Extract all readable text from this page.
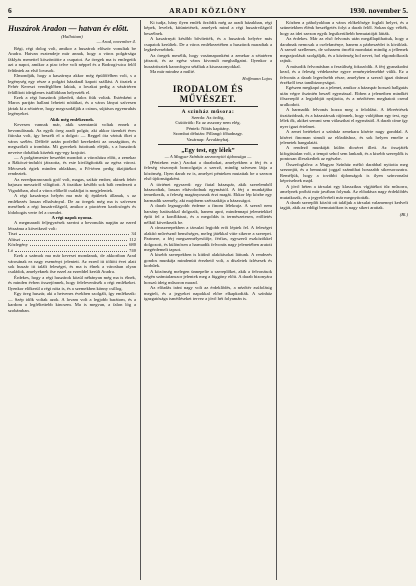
6	ARADI KÖZLÖNY	1930. november 5.
Huszárok Aradon — hatvan év előtt.

(Hallottam)

— Arad, november 4.

Régi, régi dolog volt, amikor a huszárok először vonultak be Aradra. Hatvan esztendeje már annak, hogy a város polgársága fáklyás menettel köszöntötte a csapatot. Az öregek ma is emlegetik azt a napot, amikor a piac telve volt néppel és a Bodrogi-utca felől feltűntek az első lovasok.

Elmondják, hogy a kaszárnya akkor még épülőfélben volt, s a legénység egy része a polgári házaknál kapott szállást. A tisztek a Fehér Kereszt vendéglőben laktak, a lovakat pedig a vásártéren felállított ideiglenes istállókban helyezték el.

Ezek a régi huszárok jókedvű, dalos fiúk voltak. Esténként a Maros partján hallani lehetett nótáikat, és a város lányai szívesen jártak ki a sétatérre, hogy megcsodálják a csinos, sújtásos egyenruhás legényeket.

Akik még emlékeznek.

Kevesen vannak már, akik szemtanúi voltak ennek a bevonulásnak. Az egyik öreg aradi polgár, aki akkor tizenkét éves fiúcska volt, így beszéli el a dolgot: — Reggel óta vártuk őket a város szélén. Délfelé aztán porfelhő kerekedett az országúton, és megszólalt a trombita. Mi gyerekek futottunk eléjük, s a huszárok nevetve dobáltak közénk egy-egy krajcárt.

— A polgármester beszédet mondott a városháza előtt, a zenekar a Rákóczi-indulót játszotta, és este kivilágították az egész várost. Mécsesek égtek minden ablakban, a Fő-téren pedig tűzijátékot rendeztek.

Az ezredparancsnok gróf volt, magas, szikár ember, akinek fehér bajusza messziről világított. A tisztikar később sok bált rendezett a Vigadóban, ahol a város előkelő családjai is megjelentek.

A régi kaszárnya helyén ma már új épületek állanak, s az emlékezés lassan elhalványul. De az öregek még ma is szívesen mesélnek a régi huszárvilágról, amikor a piactéren kardcsörgés és lódobogás verte fel a csendet.

A régi napok nyoma.

A megmaradt feljegyzések szerint a bevonulás napján az ezred létszáma a következő volt:

Tiszt	34
Altiszt	112
Közlegény	680
Ló	740

Ezek a számok ma már keveset mondanak, de akkoriban Arad városának ez nagy eseményt jelentett. Az ezred itt töltött évei alatt sok huszár itt talált feleséget, és ma is élnek a városban olyan családok, amelyeknek őse ezzel az ezreddel került Aradra.

Érdekes, hogy a régi huszárok közül néhányan még ma is élnek, és minden évben összejönnek, hogy felelevenítsék a régi emlékeket. Ilyenkor előkerül a régi nóta is, és a szemekben könny csillog.

Egy öreg huszár, aki a hetvenes években szolgált, így emlékezik: — Szép idők voltak azok. A lovam volt a legjobb barátom, és a kardom a legféltettebb kincsem. Ma is megvan, a falon lóg a szobámban.

Ki tudja, hány ilyen emlék őrződik még az aradi házakban, régi képek, levelek, kitüntetések, amelyek mind a régi huszárvilágról beszélnek.

A kaszárnyát később bővítették, és a huszárok helyére más csapatok kerültek. De a város emlékezetében a huszárok maradtak a legkedvesebbek.

Az öregek mesélik, hogy vasárnaponként a zenekar a sétatéren játszott, és az egész város kivonult meghallgatni. Ilyenkor a huszártisztek karonfogva sétáltak a kisasszonyokkal.

Ma már mindez a múlté.

Hoffmann Lajos

IRODALOM ÉS MŰVÉSZET.
A szinház műsora:

Szerda: Az ördög.

Csütörtök: Ez az asszony nem elég.

Péntek: Nótás kapitány.

Szombat délután: Pillangó főhadnagy.

Vasárnap: Árvalányhaj.

„Egy test, egy lélek”

— A Magyar Színház szezonnyitó újdonsága —

(Pénteken este.) Azokat a darabokat, amelyekben a férj és a feleség viszonyát boncolgatja a szerző, mindig szívesen látja a közönség. Ilyen darab ez is, amelyet pénteken mutattak be a szezon első újdonságaként.

A történet egyszerű: egy fiatal házaspár, akik szerelemből házasodtak, lassan eltávolodnak egymástól. A férj a munkájába temetkezik, a feleség magányosnak érzi magát. Ekkor lép közbe egy harmadik személy, aki majdnem szétszakítja a házasságot.

A darab legnagyobb érdeme a finom lélekrajz. A szerző nem harsány hatásokkal dolgozik, hanem apró, mindennapi jelenetekkel építi fel a konfliktust, és a megoldás is természetesen, erőltetés nélkül következik be.

A címszerepekben a társulat legjobb erői léptek fel. A feleséget alakító művésznő bensőséges, meleg játékkal vitte sikerre a szerepet. Partnere, a férj megszemélyesítője, férfias, egyszerű eszközökkel dolgozott, és különösen a harmadik felvonás nagy jelenetében aratott megérdemelt tapsot.

A kisebb szerepekben is kitűnő alakításokat láttunk. A rendezés gondos munkája mindenütt érezhető volt, a díszletek ízlésesek és korhűek.

A közönség melegen ünnepelte a szereplőket, akik a felvonások végén számtalanszor jelentek meg a függöny előtt. A darab bizonyára hosszú ideig műsoron marad.

Az előadás iránt nagy volt az érdeklődés, a nézőtér zsúfolásig megtelt, és a jegyeket napokkal előre elkapkodták. A színház igazgatósága ismétléseket tervez a jövő hét folyamán is.

Közben a páholyokban a város előkelősége foglalt helyet, és a szünetekben élénk beszélgetés folyt a darab felől. Sokan úgy vélték, hogy az idei szezon egyik legsikerültebb bemutatóját látták.

Az érdekes. Már az első felvonás után megállapíthattuk, hogy a darabnak nemcsak a cselekménye, hanem a párbeszédei is kiválóak. A szerző szellemes, de sohasem öncélú mondatai mindig a jellemek megrajzolását szolgálják, és a közönség hol nevet, hol elgondolkozik rajtuk.

A második felvonásban a feszültség fokozódik. A férj gyanakodni kezd, és a feleség védekezése egyre reménytelenebbé válik. Ez a felvonás a darab legerősebb része, amelyben a szerző igazi drámai érzékről tesz tanúbizonyságot.

Egészen megkapó az a jelenet, amikor a házaspár hosszú hallgatás után végre őszintén beszél egymással. Ebben a jelenetben mindkét főszereplő a legjobbját nyújtotta, és a nézőtéren meghatott csend uralkodott.

A harmadik felvonás hozza meg a feloldást. A félreértések tisztázódnak, és a házastársak rájönnek, hogy valójában egy test, egy lélek ők, akiket semmi sem választhat el egymástól. A darab címe így nyer igazi értelmet.

A zenei betéteket a színház zenekara kísérte nagy gonddal. A kíséret finoman simult az előadáshoz, és sok helyen emelte a jelenetek hangulatát.

A rendező munkáját külön dicséret illeti. Az összjáték kifogástalan volt, a tempó sehol sem lankadt, és a kisebb szereplők is pontosan illeszkedtek az egészbe.

Összefoglalva: a Magyar Színház méltó darabbal nyitotta meg szezonját, és a bemutató joggal számíthat hosszabb sikersorozatra. Reméljük, hogy a további újdonságok is ilyen színvonalat képviselnek majd.

A jövő héten a társulat egy klasszikus vígjátékot tűz műsorra, amelynek próbái már javában folynak. Az előadásra nagy érdeklődés mutatkozik, és a jegyelővételt már megnyitották.

A darab szereplői között ott találjuk a társulat valamennyi kedvelt tagját, akik az eddigi bemutatókon is nagy sikert arattak.

(Bl.)
